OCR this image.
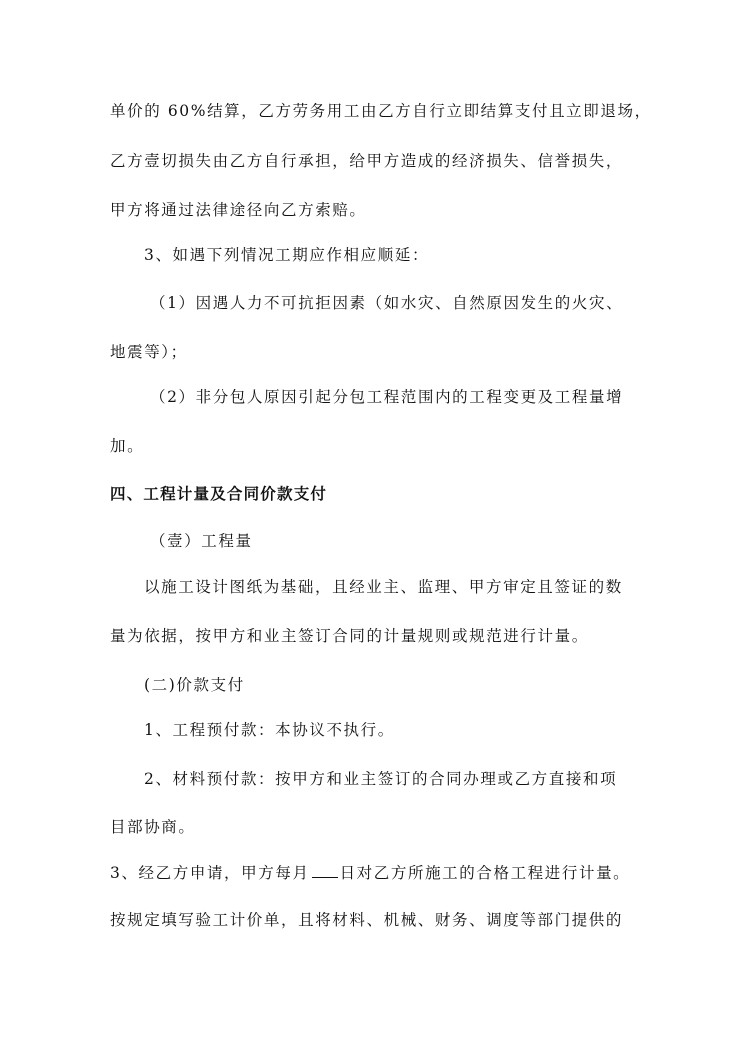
单价的 60%结算，乙方劳务用工由乙方自行立即结算支付且立即退场，
乙方壹切损失由乙方自行承担，给甲方造成的经济损失、信誉损失，
甲方将通过法律途径向乙方索赔。
3、如遇下列情况工期应作相应顺延：
（1）因遇人力不可抗拒因素（如水灾、自然原因发生的火灾、
地震等）；
（2）非分包人原因引起分包工程范围内的工程变更及工程量增
加。
四、工程计量及合同价款支付
（壹）工程量
以施工设计图纸为基础，且经业主、监理、甲方审定且签证的数
量为依据，按甲方和业主签订合同的计量规则或规范进行计量。
(二)价款支付
1、工程预付款：本协议不执行。
2、材料预付款：按甲方和业主签订的合同办理或乙方直接和项
目部协商。
3、经乙方申请，甲方每月 日对乙方所施工的合格工程进行计量。
按规定填写验工计价单，且将材料、机械、财务、调度等部门提供的
